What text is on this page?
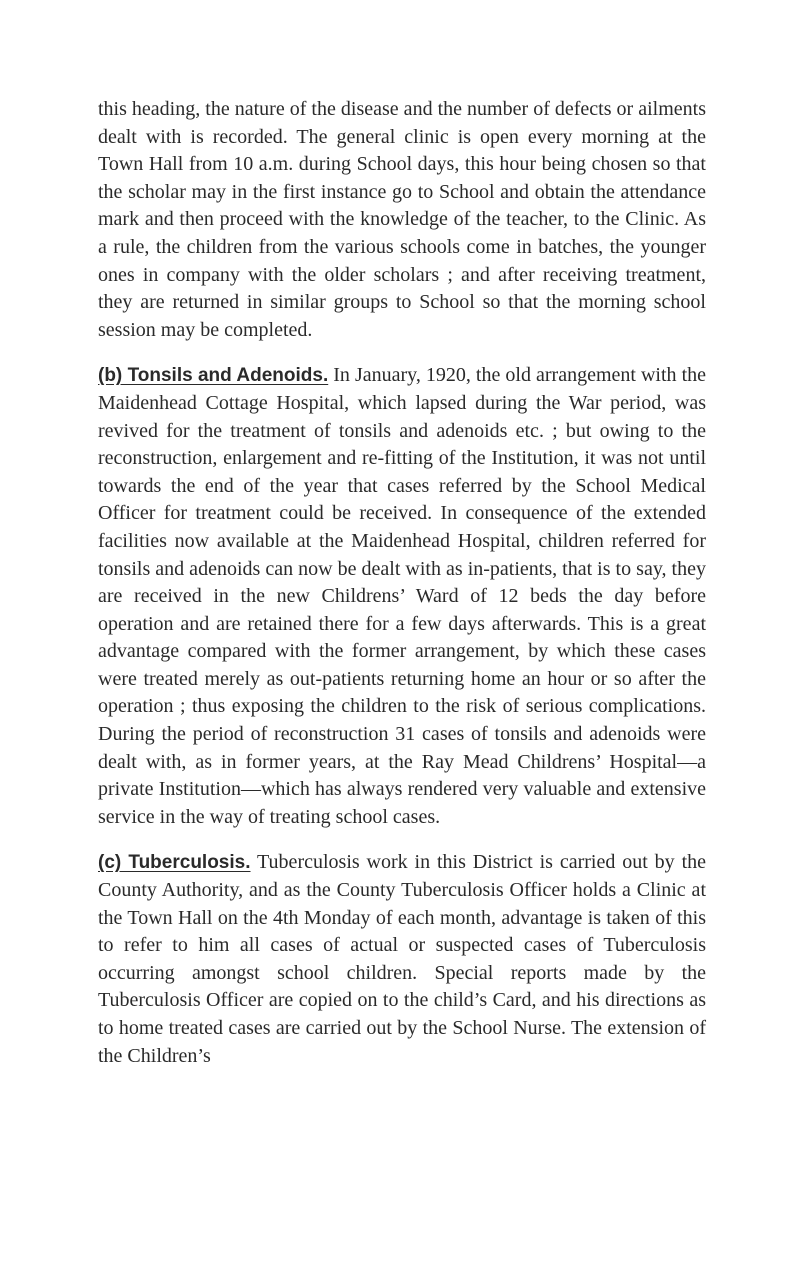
this heading, the nature of the disease and the number of defects or ailments dealt with is recorded. The general clinic is open every morning at the Town Hall from 10 a.m. during School days, this hour being chosen so that the scholar may in the first instance go to School and obtain the attendance mark and then proceed with the knowledge of the teacher, to the Clinic. As a rule, the children from the various schools come in batches, the younger ones in company with the older scholars ; and after receiving treatment, they are returned in similar groups to School so that the morning school session may be completed.

(b) Tonsils and Adenoids. In January, 1920, the old arrangement with the Maidenhead Cottage Hospital, which lapsed during the War period, was revived for the treatment of tonsils and adenoids etc. ; but owing to the reconstruction, enlargement and re-fitting of the Institution, it was not until towards the end of the year that cases referred by the School Medical Officer for treatment could be received. In consequence of the extended facilities now available at the Maidenhead Hospital, children referred for tonsils and adenoids can now be dealt with as in-patients, that is to say, they are received in the new Childrens’ Ward of 12 beds the day before operation and are retained there for a few days afterwards. This is a great advantage compared with the former arrangement, by which these cases were treated merely as out-patients returning home an hour or so after the operation ; thus exposing the children to the risk of serious complications. During the period of reconstruction 31 cases of tonsils and adenoids were dealt with, as in former years, at the Ray Mead Childrens’ Hospital—a private Institution—which has always rendered very valuable and extensive service in the way of treating school cases.

(c) Tuberculosis. Tuberculosis work in this District is carried out by the County Authority, and as the County Tuberculosis Officer holds a Clinic at the Town Hall on the 4th Monday of each month, advantage is taken of this to refer to him all cases of actual or suspected cases of Tuberculosis occurring amongst school children. Special reports made by the Tuberculosis Officer are copied on to the child’s Card, and his directions as to home treated cases are carried out by the School Nurse. The extension of the Children’s
